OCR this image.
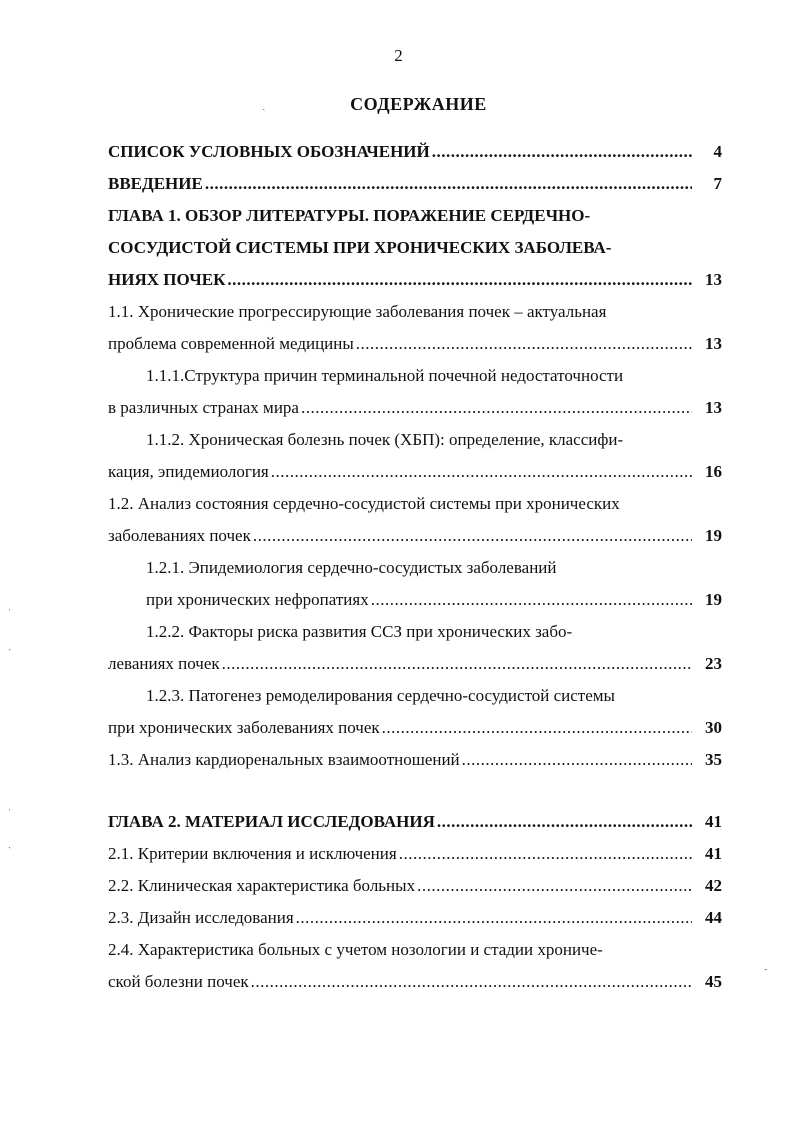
2
СОДЕРЖАНИЕ
СПИСОК УСЛОВНЫХ ОБОЗНАЧЕНИЙ .....	4
ВВЕДЕНИЕ .....	7
ГЛАВА 1. ОБЗОР ЛИТЕРАТУРЫ. ПОРАЖЕНИЕ СЕРДЕЧНО-
СОСУДИСТОЙ СИСТЕМЫ ПРИ ХРОНИЧЕСКИХ ЗАБОЛЕВА-
НИЯХ ПОЧЕК .....	13
1.1. Хронические прогрессирующие заболевания почек – актуальная
проблема современной медицины .....	13
1.1.1.Структура причин терминальной почечной недостаточности
в различных странах мира .....	13
1.1.2. Хроническая болезнь почек (ХБП): определение, классифи-
кация, эпидемиология .....	16
1.2. Анализ состояния сердечно-сосудистой системы при хронических
заболеваниях почек .....	19
1.2.1. Эпидемиология сердечно-сосудистых заболеваний
при хронических нефропатиях .....	19
1.2.2. Факторы риска развития ССЗ при хронических забо-
леваниях почек .....	23
1.2.3. Патогенез ремоделирования сердечно-сосудистой системы
при хронических заболеваниях почек .....	30
1.3. Анализ кардиоренальных взаимоотношений .....	35
ГЛАВА 2. МАТЕРИАЛ ИССЛЕДОВАНИЯ .....	41
2.1. Критерии включения и исключения .....	41
2.2. Клиническая характеристика больных .....	42
2.3. Дизайн исследования .....	44
2.4. Характеристика больных с учетом нозологии и стадии хрониче-
ской болезни почек .....	45
ˎ
ˌ
ˎ
ˌ
ˎ
ˍ
